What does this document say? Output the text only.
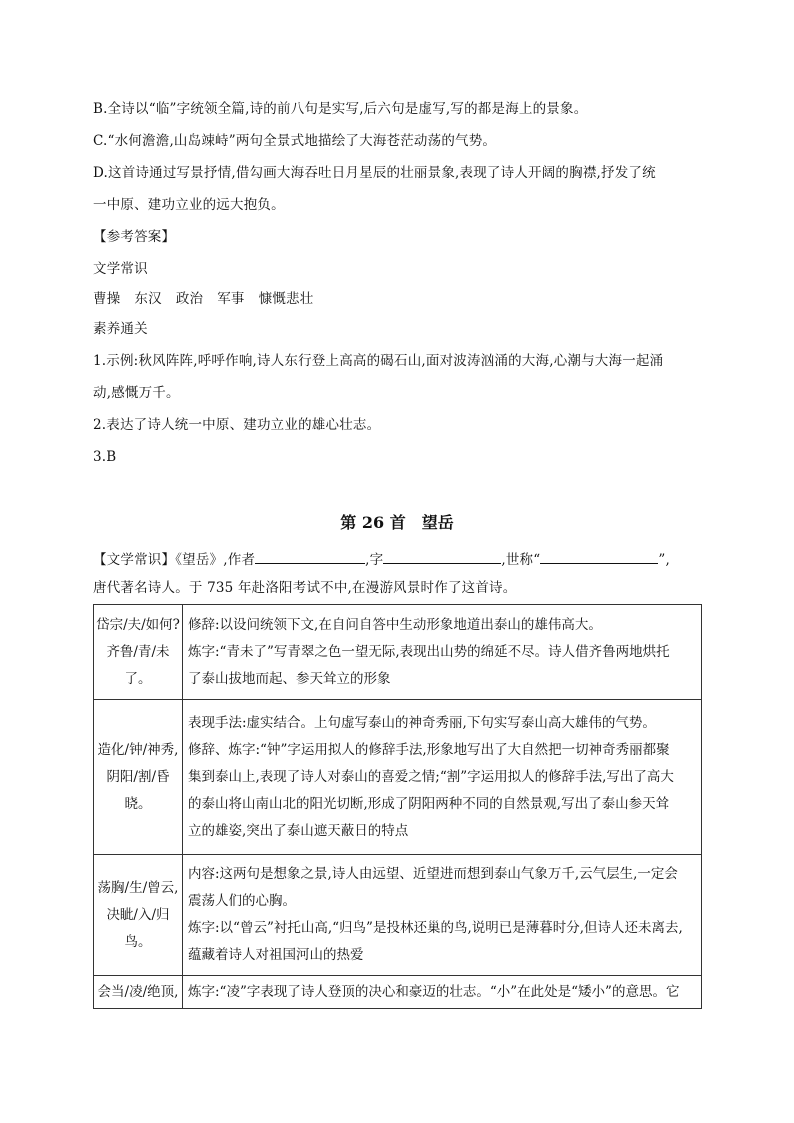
B.全诗以“临”字统领全篇,诗的前八句是实写,后六句是虚写,写的都是海上的景象。
C.“水何澹澹,山岛竦峙”两句全景式地描绘了大海苍茫动荡的气势。
D.这首诗通过写景抒情,借勾画大海吞吐日月星辰的壮丽景象,表现了诗人开阔的胸襟,抒发了统
一中原、建功立业的远大抱负。
【参考答案】
文学常识
曹操 东汉 政治 军事 慷慨悲壮
素养通关
1.示例:秋风阵阵,呼呼作响,诗人东行登上高高的碣石山,面对波涛汹涌的大海,心潮与大海一起涌
动,感慨万千。
2.表达了诗人统一中原、建功立业的雄心壮志。
3.B
第 26 首　望岳
【文学常识】《望岳》,作者	,字	,世称“	”,
唐代著名诗人。于 735 年赴洛阳考试不中,在漫游风景时作了这首诗。
岱宗/夫/如何?
齐鲁/青/未了。	修辞:以设问统领下文,在自问自答中生动形象地道出泰山的雄伟高大。
炼字:“青未了”写青翠之色一望无际,表现出山势的绵延不尽。诗人借齐鲁两地烘托
了泰山拔地而起、参天耸立的形象

造化/钟/神秀,
阴阳/割/昏晓。	表现手法:虚实结合。上句虚写泰山的神奇秀丽,下句实写泰山高大雄伟的气势。
修辞、炼字:“钟”字运用拟人的修辞手法,形象地写出了大自然把一切神奇秀丽都聚
集到泰山上,表现了诗人对泰山的喜爱之情;“割”字运用拟人的修辞手法,写出了高大
的泰山将山南山北的阳光切断,形成了阴阳两种不同的自然景观,写出了泰山参天耸
立的雄姿,突出了泰山遮天蔽日的特点

荡胸/生/曾云,
决眦/入/归鸟。	内容:这两句是想象之景,诗人由远望、近望进而想到泰山气象万千,云气层生,一定会
震荡人们的心胸。
炼字:以“曾云”衬托山高,“归鸟”是投林还巢的鸟,说明已是薄暮时分,但诗人还未离去,
蕴藏着诗人对祖国河山的热爱

会当/凌/绝顶,	炼字:“凌”字表现了诗人登顶的决心和豪迈的壮志。“小”在此处是“矮小”的意思。它
